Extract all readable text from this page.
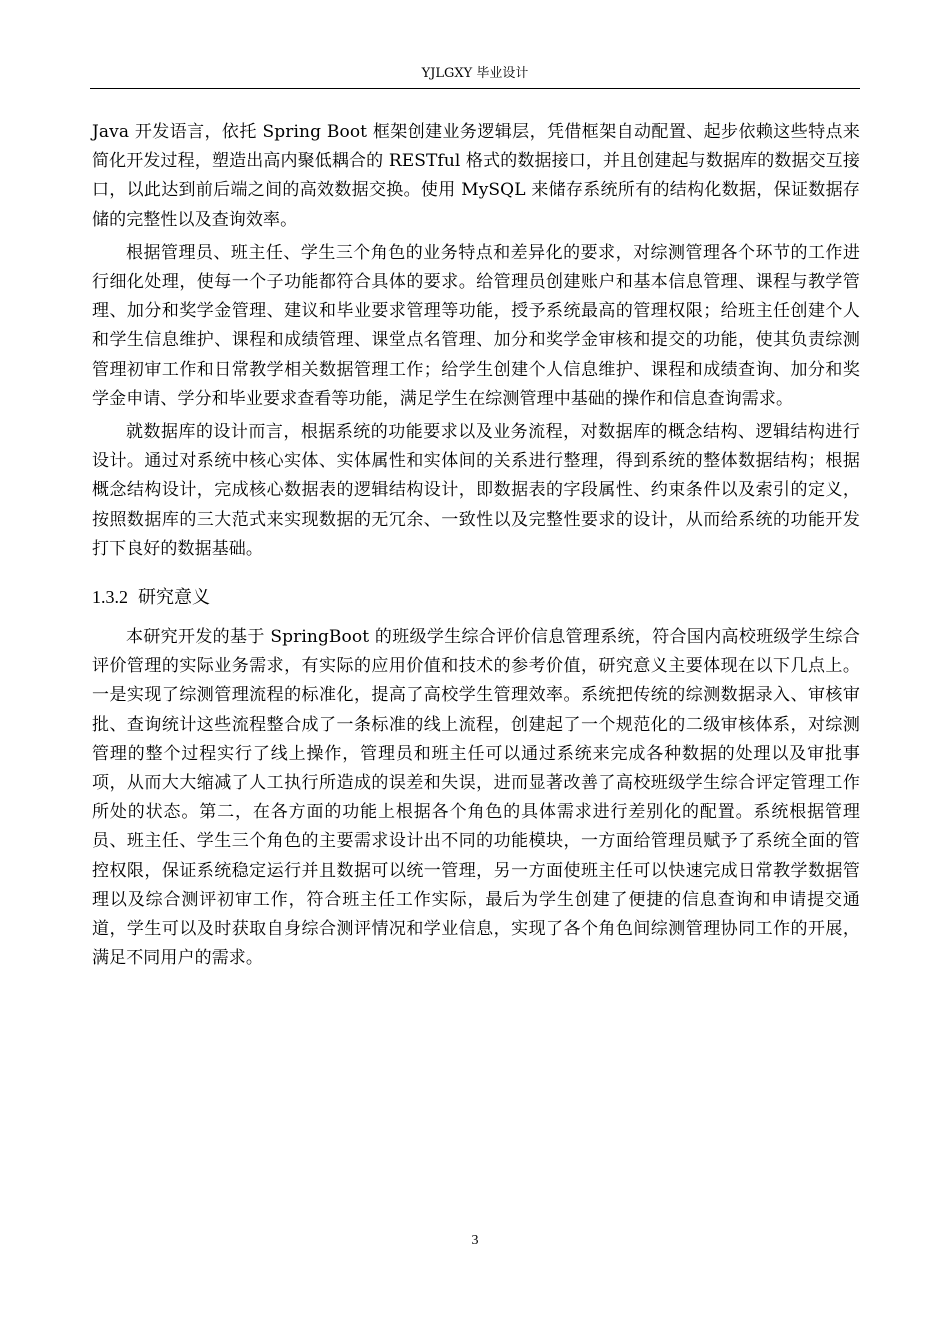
YJLGXY 毕业设计

Java 开发语言，依托 Spring Boot 框架创建业务逻辑层，凭借框架自动配置、起步依赖这些特点来简化开发过程，塑造出高内聚低耦合的 RESTful 格式的数据接口，并且创建起与数据库的数据交互接口，以此达到前后端之间的高效数据交换。使用 MySQL 来储存系统所有的结构化数据，保证数据存储的完整性以及查询效率。

根据管理员、班主任、学生三个角色的业务特点和差异化的要求，对综测管理各个环节的工作进行细化处理，使每一个子功能都符合具体的要求。给管理员创建账户和基本信息管理、课程与教学管理、加分和奖学金管理、建议和毕业要求管理等功能，授予系统最高的管理权限；给班主任创建个人和学生信息维护、课程和成绩管理、课堂点名管理、加分和奖学金审核和提交的功能，使其负责综测管理初审工作和日常教学相关数据管理工作；给学生创建个人信息维护、课程和成绩查询、加分和奖学金申请、学分和毕业要求查看等功能，满足学生在综测管理中基础的操作和信息查询需求。

就数据库的设计而言，根据系统的功能要求以及业务流程，对数据库的概念结构、逻辑结构进行设计。通过对系统中核心实体、实体属性和实体间的关系进行整理，得到系统的整体数据结构；根据概念结构设计，完成核心数据表的逻辑结构设计，即数据表的字段属性、约束条件以及索引的定义，按照数据库的三大范式来实现数据的无冗余、一致性以及完整性要求的设计，从而给系统的功能开发打下良好的数据基础。

1.3.2 研究意义

本研究开发的基于 SpringBoot 的班级学生综合评价信息管理系统，符合国内高校班级学生综合评价管理的实际业务需求，有实际的应用价值和技术的参考价值，研究意义主要体现在以下几点上。一是实现了综测管理流程的标准化，提高了高校学生管理效率。系统把传统的综测数据录入、审核审批、查询统计这些流程整合成了一条标准的线上流程，创建起了一个规范化的二级审核体系，对综测管理的整个过程实行了线上操作，管理员和班主任可以通过系统来完成各种数据的处理以及审批事项，从而大大缩减了人工执行所造成的误差和失误，进而显著改善了高校班级学生综合评定管理工作所处的状态。第二，在各方面的功能上根据各个角色的具体需求进行差别化的配置。系统根据管理员、班主任、学生三个角色的主要需求设计出不同的功能模块，一方面给管理员赋予了系统全面的管控权限，保证系统稳定运行并且数据可以统一管理，另一方面使班主任可以快速完成日常教学数据管理以及综合测评初审工作，符合班主任工作实际，最后为学生创建了便捷的信息查询和申请提交通道，学生可以及时获取自身综合测评情况和学业信息，实现了各个角色间综测管理协同工作的开展，满足不同用户的需求。

3
